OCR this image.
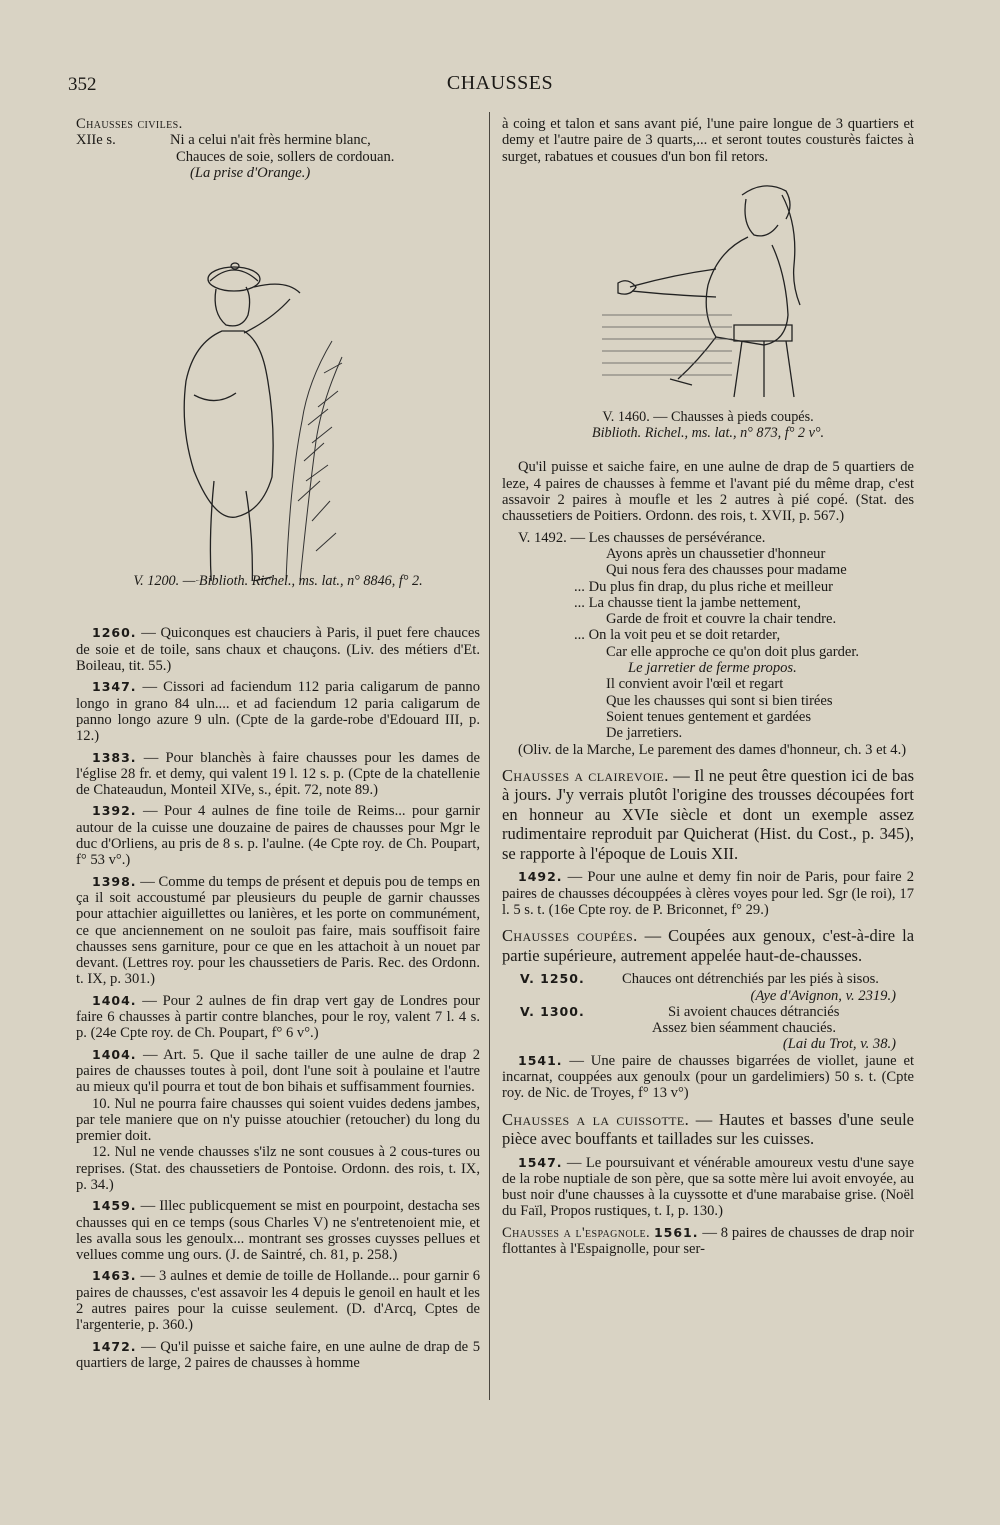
352	CHAUSSES

Chausses civiles.

XIIe s.	Ni a celui n'ait frès hermine blanc,

Chauces de soie, sollers de cordouan.

(La prise d'Orange.)

V. 1200. — Biblioth. Richel., ms. lat., n° 8846, f° 2.

1260. — Quiconques est chauciers à Paris, il puet fere chauces de soie et de toile, sans chaux et chauçons. (Liv. des métiers d'Et. Boileau, tit. 55.)

1347. — Cissori ad faciendum 112 paria caligarum de panno longo in grano 84 uln.... et ad faciendum 12 paria caligarum de panno longo azure 9 uln. (Cpte de la garde-robe d'Edouard III, p. 12.)

1383. — Pour blanchès à faire chausses pour les dames de l'église 28 fr. et demy, qui valent 19 l. 12 s. p. (Cpte de la chatellenie de Chateaudun, Monteil XIVe, s., épit. 72, note 89.)

1392. — Pour 4 aulnes de fine toile de Reims... pour garnir autour de la cuisse une douzaine de paires de chausses pour Mgr le duc d'Orliens, au pris de 8 s. p. l'aulne. (4e Cpte roy. de Ch. Poupart, f° 53 v°.)

1398. — Comme du temps de présent et depuis pou de temps en ça il soit accoustumé par pleusieurs du peuple de garnir chausses pour attachier aiguillettes ou lanières, et les porte on communément, ce que anciennement on ne souloit pas faire, mais souffisoit faire chausses sens garniture, pour ce que en les attachoit à un nouet par devant. (Lettres roy. pour les chaussetiers de Paris. Rec. des Ordonn. t. IX, p. 301.)

1404. — Pour 2 aulnes de fin drap vert gay de Londres pour faire 6 chausses à partir contre blanches, pour le roy, valent 7 l. 4 s. p. (24e Cpte roy. de Ch. Poupart, f° 6 v°.)

1404. — Art. 5. Que il sache tailler de une aulne de drap 2 paires de chausses toutes à poil, dont l'une soit à poulaine et l'autre au mieux qu'il pourra et tout de bon bihais et suffisamment fournies.

10. Nul ne pourra faire chausses qui soient vuides dedens jambes, par tele maniere que on n'y puisse atouchier (retoucher) du long du premier doit.

12. Nul ne vende chausses s'ilz ne sont cousues à 2 cous-tures ou reprises. (Stat. des chaussetiers de Pontoise. Ordonn. des rois, t. IX, p. 34.)

1459. — Illec publicquement se mist en pourpoint, destacha ses chausses qui en ce temps (sous Charles V) ne s'entretenoient mie, et les avalla sous les genoulx... montrant ses grosses cuysses pellues et vellues comme ung ours. (J. de Saintré, ch. 81, p. 258.)

1463. — 3 aulnes et demie de toille de Hollande... pour garnir 6 paires de chausses, c'est assavoir les 4 depuis le genoil en hault et les 2 autres paires pour la cuisse seulement. (D. d'Arcq, Cptes de l'argenterie, p. 360.)

1472. — Qu'il puisse et saiche faire, en une aulne de drap de 5 quartiers de large, 2 paires de chausses à homme

à coing et talon et sans avant pié, l'une paire longue de 3 quartiers et demy et l'autre paire de 3 quarts,... et seront toutes cousturès faictes à surget, rabatues et cousues d'un bon fil retors.

V. 1460. — Chausses à pieds coupés.

Biblioth. Richel., ms. lat., n° 873, f° 2 v°.

Qu'il puisse et saiche faire, en une aulne de drap de 5 quartiers de leze, 4 paires de chausses à femme et l'avant pié du même drap, c'est assavoir 2 paires à moufle et les 2 autres à pié copé. (Stat. des chaussetiers de Poitiers. Ordonn. des rois, t. XVII, p. 567.)

V. 1492. — Les chausses de persévérance.

Ayons après un chaussetier d'honneur

Qui nous fera des chausses pour madame

... Du plus fin drap, du plus riche et meilleur

... La chausse tient la jambe nettement,

Garde de froit et couvre la chair tendre.

... On la voit peu et se doit retarder,

Car elle approche ce qu'on doit plus garder.

Le jarretier de ferme propos.

Il convient avoir l'œil et regart

Que les chausses qui sont si bien tirées

Soient tenues gentement et gardées

De jarretiers.

(Oliv. de la Marche, Le parement des dames d'honneur, ch. 3 et 4.)

Chausses a clairevoie. — Il ne peut être question ici de bas à jours. J'y verrais plutôt l'origine des trousses découpées fort en honneur au XVIe siècle et dont un exemple assez rudimentaire reproduit par Quicherat (Hist. du Cost., p. 345), se rapporte à l'époque de Louis XII.

1492. — Pour une aulne et demy fin noir de Paris, pour faire 2 paires de chausses découppées à clères voyes pour led. Sgr (le roi), 17 l. 5 s. t. (16e Cpte roy. de P. Briconnet, f° 29.)

Chausses coupées. — Coupées aux genoux, c'est-à-dire la partie supérieure, autrement appelée haut-de-chausses.

V. 1250.	Chauces ont détrenchiés par les piés à sisos.

(Aye d'Avignon, v. 2319.)

V. 1300.	Si avoient chauces détranciés

Assez bien séamment chauciés.

(Lai du Trot, v. 38.)

1541. — Une paire de chausses bigarrées de viollet, jaune et incarnat, couppées aux genoulx (pour un gardelimiers) 50 s. t. (Cpte roy. de Nic. de Troyes, f° 13 v°)

Chausses a la cuissotte. — Hautes et basses d'une seule pièce avec bouffants et taillades sur les cuisses.

1547. — Le poursuivant et vénérable amoureux vestu d'une saye de la robe nuptiale de son père, que sa sotte mère lui avoit envoyée, au bust noir d'une chausses à la cuyssotte et d'une marabaise grise. (Noël du Faïl, Propos rustiques, t. I, p. 130.)

Chausses a l'espagnole. 1561. — 8 paires de chausses de drap noir flottantes à l'Espaignolle, pour ser-
